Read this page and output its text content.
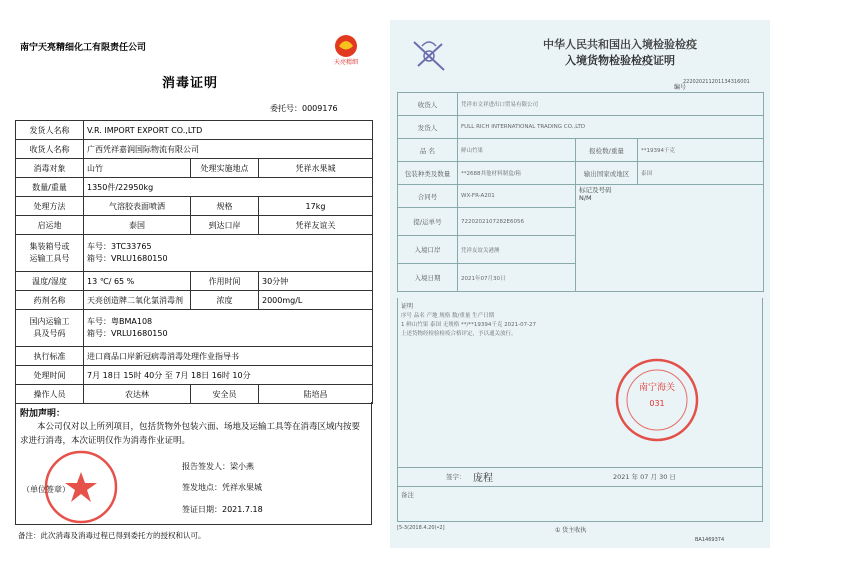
南宁天亮精细化工有限责任公司
天亮精细
消毒证明
委托号：0009176
发货人名称	V.R. IMPORT EXPORT CO.,LTD		
收货人名称	广西凭祥嘉润国际物流有限公司		
消毒对象	山竹	处理实施地点	凭祥水果城
数量/重量	1350件/22950kg		
处理方法	气溶胶表面喷洒	规格	17kg
启运地	泰国	到达口岸	凭祥友谊关
集装箱号或
运输工具号	车号：3TC33765
箱号：VRLU1680150		
温度/湿度	13 ℃/ 65 %	作用时间	30分钟
药剂名称	天亮创造牌二氧化氯消毒剂	浓度	2000mg/L
国内运输工
具及号码	车号：粤BMA108
箱号：VRLU1680150		
执行标准	进口商品口岸新冠病毒消毒处理作业指导书		
处理时间	7月 18日 15时 40分 至 7月 18日 16时 10分		
操作人员	农达林	安全员	陆培昌
附加声明：
本公司仅对以上所列项目，包括货物外包装六面、场地及运输工具等在消毒区域内按要求进行消毒，本次证明仅作为消毒作业证明。
报告签发人：梁小燕
签发地点：凭祥水果城
签证日期：2021.7.18
（单位签章）
备注：此次消毒及消毒过程已得到委托方的授权和认可。
中华人民共和国出入境检验检疫
入境货物检验检疫证明
222020211201134316001
编号
收货人	凭祥市文祥进出口贸易有限公司		
发货人	FULL RICH INTERNATIONAL TRADING CO.,LTD		
品 名	鲜山竹果	报检数/重量	**19394千克
包装种类及数量	**2688其他材料制盒/箱	输出国家或地区	泰国
合同号	WX-FR-A201	标记及号码
N/M	

提/运单号	7220202107282E6056		
入境口岸	凭祥友谊关港澳		
入境日期	2021年07月30日		
证明
序号 品名 产地 规格 数/重量 生产日期
1 鲜山竹果 泰国 无规格 **/**19394千克 2021-07-27
上述货物经检验检疫合格评定，予以通关放行。
南宁海关
031
签字： 庞程	2021 年 07 月 30 日
备注
[5-3(2018.4.20)•2]	① 货主收执
BA1469374
